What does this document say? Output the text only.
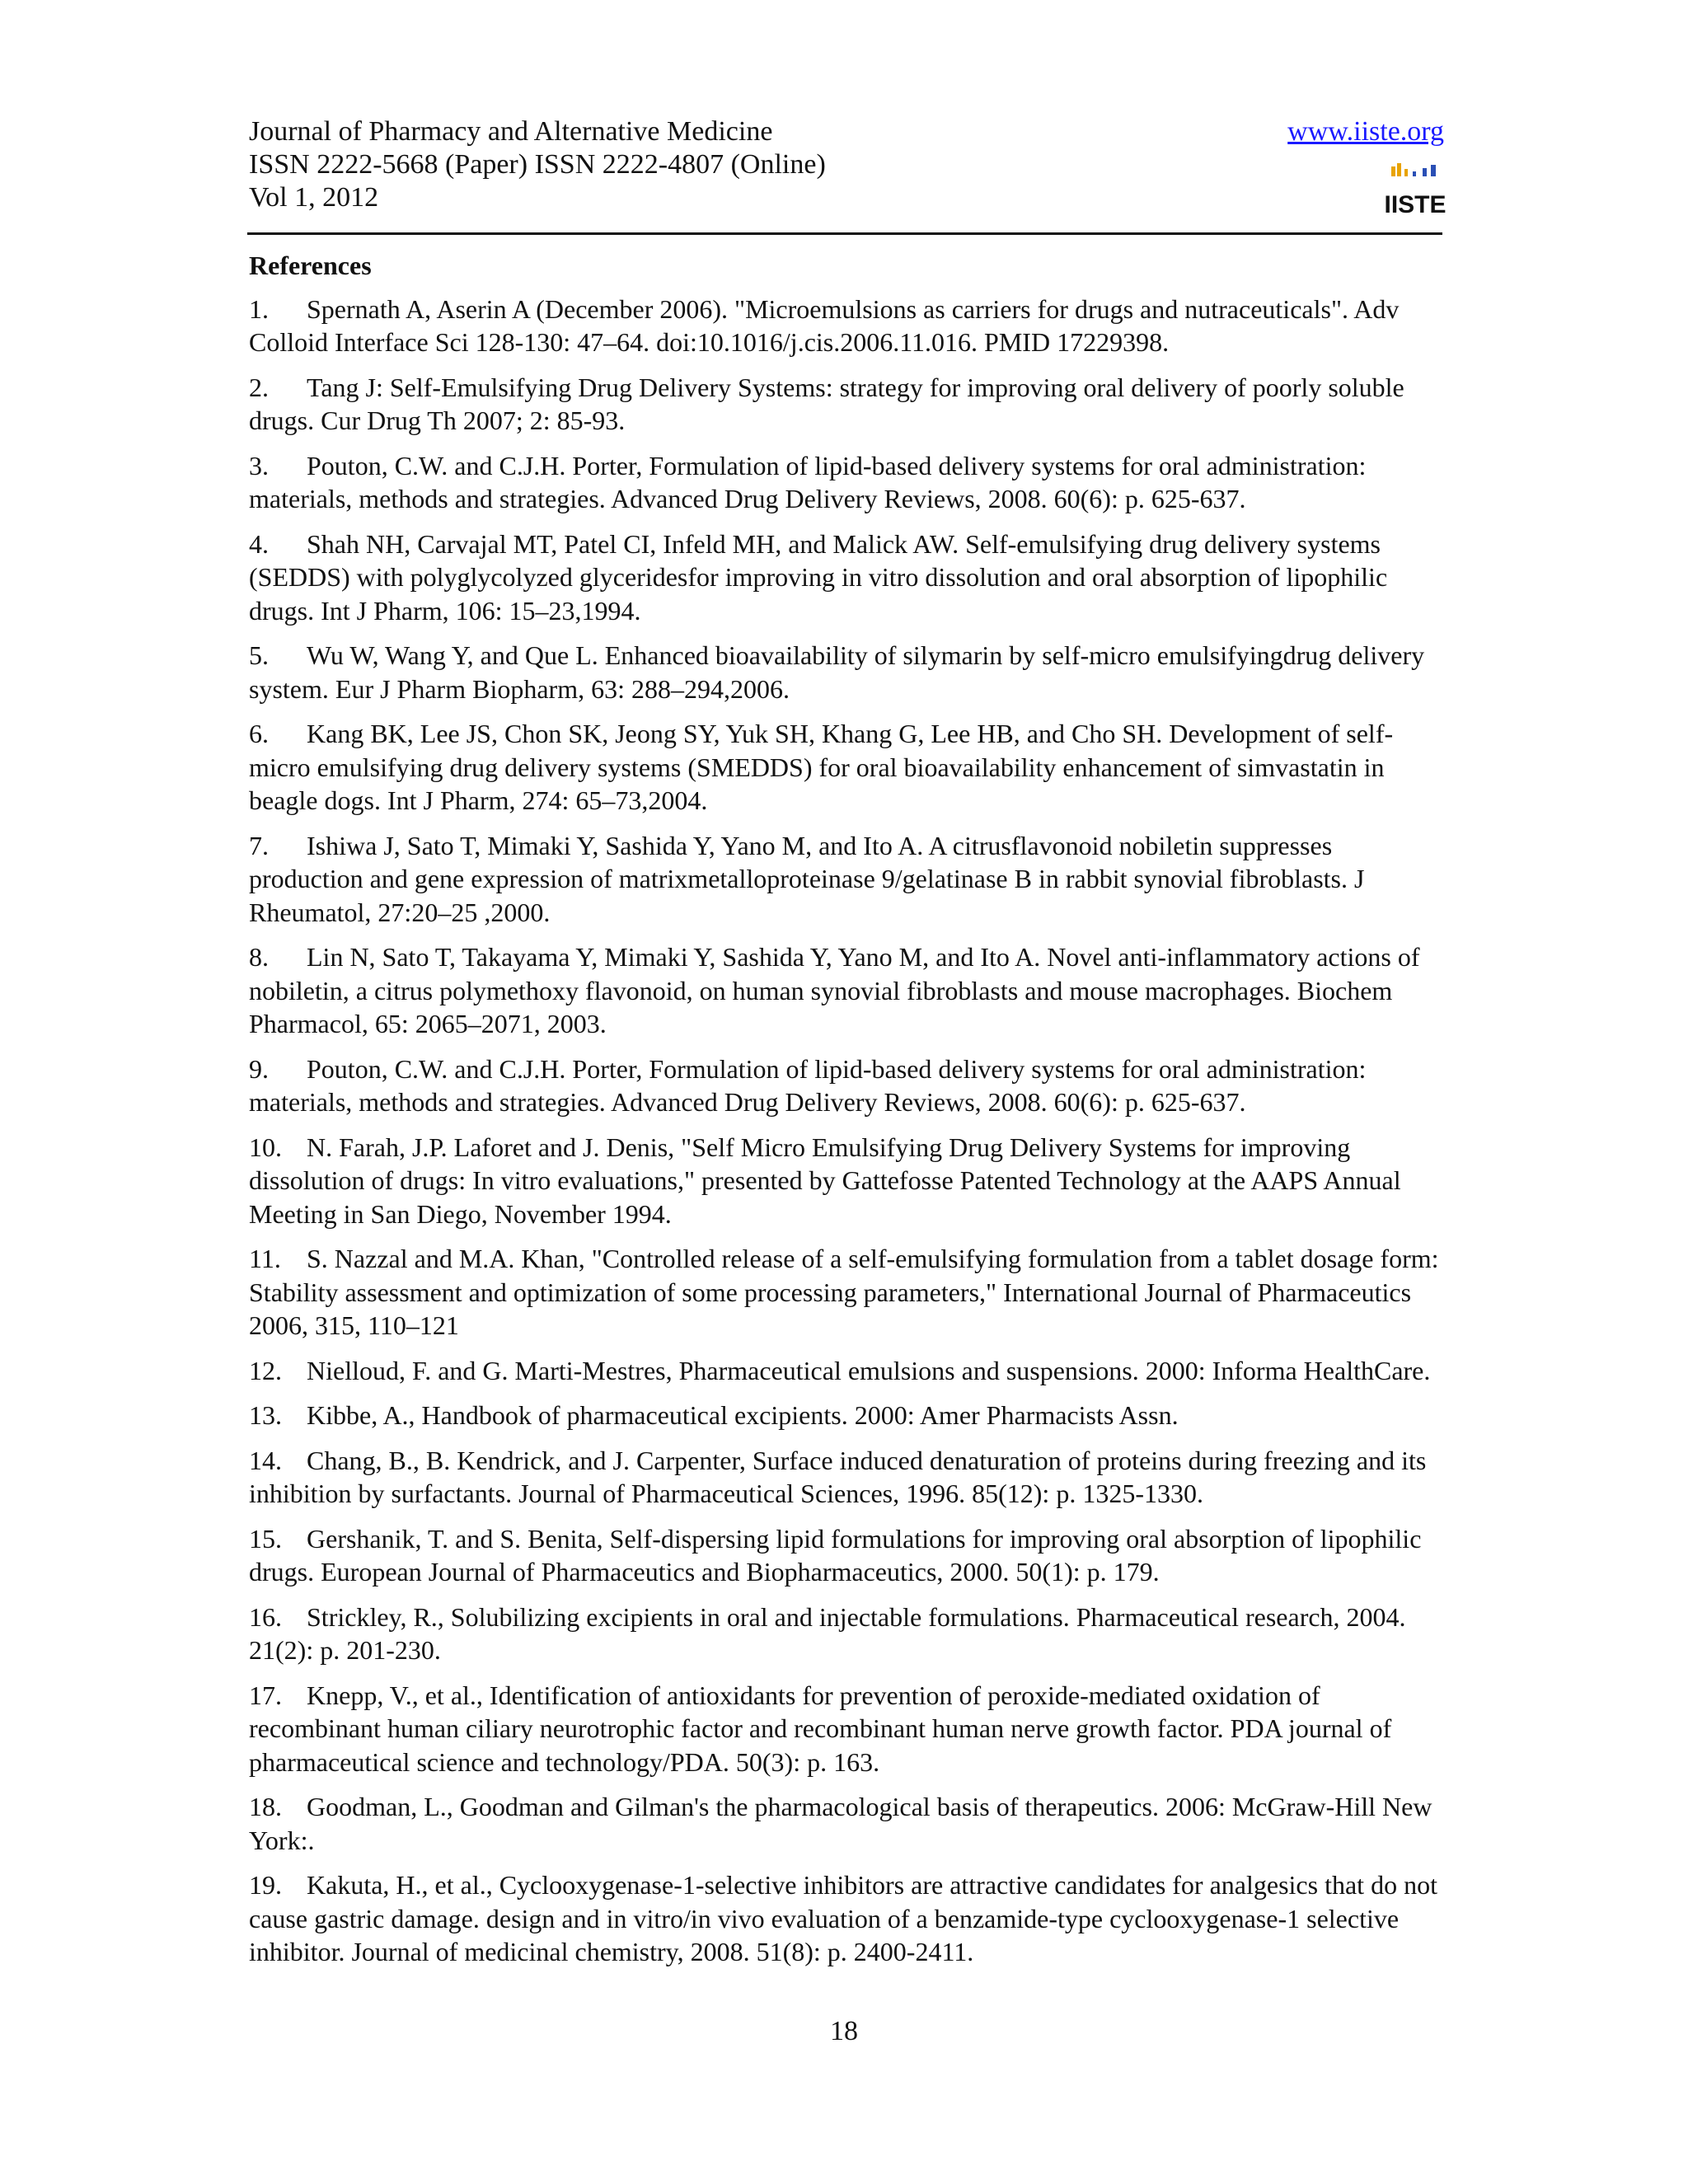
Journal of Pharmacy and Alternative Medicine
ISSN 2222-5668 (Paper) ISSN 2222-4807 (Online)
Vol 1, 2012
www.iiste.org
IISTE
References
1. Spernath A, Aserin A (December 2006). "Microemulsions as carriers for drugs and nutraceuticals". Adv Colloid Interface Sci 128-130: 47–64. doi:10.1016/j.cis.2006.11.016. PMID 17229398.
2. Tang J: Self-Emulsifying Drug Delivery Systems: strategy for improving oral delivery of poorly soluble drugs. Cur Drug Th 2007; 2: 85-93.
3. Pouton, C.W. and C.J.H. Porter, Formulation of lipid-based delivery systems for oral administration: materials, methods and strategies. Advanced Drug Delivery Reviews, 2008. 60(6): p. 625-637.
4. Shah NH, Carvajal MT, Patel CI, Infeld MH, and Malick AW. Self-emulsifying drug delivery systems (SEDDS) with polyglycolyzed glyceridesfor improving in vitro dissolution and oral absorption of lipophilic drugs. Int J Pharm, 106: 15–23,1994.
5. Wu W, Wang Y, and Que L. Enhanced bioavailability of silymarin by self-micro emulsifyingdrug delivery system. Eur J Pharm Biopharm, 63: 288–294,2006.
6. Kang BK, Lee JS, Chon SK, Jeong SY, Yuk SH, Khang G, Lee HB, and Cho SH. Development of self-micro emulsifying drug delivery systems (SMEDDS) for oral bioavailability enhancement of simvastatin in beagle dogs. Int J Pharm, 274: 65–73,2004.
7. Ishiwa J, Sato T, Mimaki Y, Sashida Y, Yano M, and Ito A. A citrusflavonoid nobiletin suppresses production and gene expression of matrixmetalloproteinase 9/gelatinase B in rabbit synovial fibroblasts. J Rheumatol, 27:20–25 ,2000.
8. Lin N, Sato T, Takayama Y, Mimaki Y, Sashida Y, Yano M, and Ito A. Novel anti-inflammatory actions of nobiletin, a citrus polymethoxy flavonoid, on human synovial fibroblasts and mouse macrophages. Biochem Pharmacol, 65: 2065–2071, 2003.
9. Pouton, C.W. and C.J.H. Porter, Formulation of lipid-based delivery systems for oral administration: materials, methods and strategies. Advanced Drug Delivery Reviews, 2008. 60(6): p. 625-637.
10. N. Farah, J.P. Laforet and J. Denis, "Self Micro Emulsifying Drug Delivery Systems for improving dissolution of drugs: In vitro evaluations," presented by Gattefosse Patented Technology at the AAPS Annual Meeting in San Diego, November 1994.
11. S. Nazzal and M.A. Khan, "Controlled release of a self-emulsifying formulation from a tablet dosage form: Stability assessment and optimization of some processing parameters," International Journal of Pharmaceutics 2006, 315, 110–121
12. Nielloud, F. and G. Marti-Mestres, Pharmaceutical emulsions and suspensions. 2000: Informa HealthCare.
13. Kibbe, A., Handbook of pharmaceutical excipients. 2000: Amer Pharmacists Assn.
14. Chang, B., B. Kendrick, and J. Carpenter, Surface induced denaturation of proteins during freezing and its inhibition by surfactants. Journal of Pharmaceutical Sciences, 1996. 85(12): p. 1325-1330.
15. Gershanik, T. and S. Benita, Self-dispersing lipid formulations for improving oral absorption of lipophilic drugs. European Journal of Pharmaceutics and Biopharmaceutics, 2000. 50(1): p. 179.
16. Strickley, R., Solubilizing excipients in oral and injectable formulations. Pharmaceutical research, 2004. 21(2): p. 201-230.
17. Knepp, V., et al., Identification of antioxidants for prevention of peroxide-mediated oxidation of recombinant human ciliary neurotrophic factor and recombinant human nerve growth factor. PDA journal of pharmaceutical science and technology/PDA. 50(3): p. 163.
18. Goodman, L., Goodman and Gilman's the pharmacological basis of therapeutics. 2006: McGraw-Hill New York:.
19. Kakuta, H., et al., Cyclooxygenase-1-selective inhibitors are attractive candidates for analgesics that do not cause gastric damage. design and in vitro/in vivo evaluation of a benzamide-type cyclooxygenase-1 selective inhibitor. Journal of medicinal chemistry, 2008. 51(8): p. 2400-2411.
18
